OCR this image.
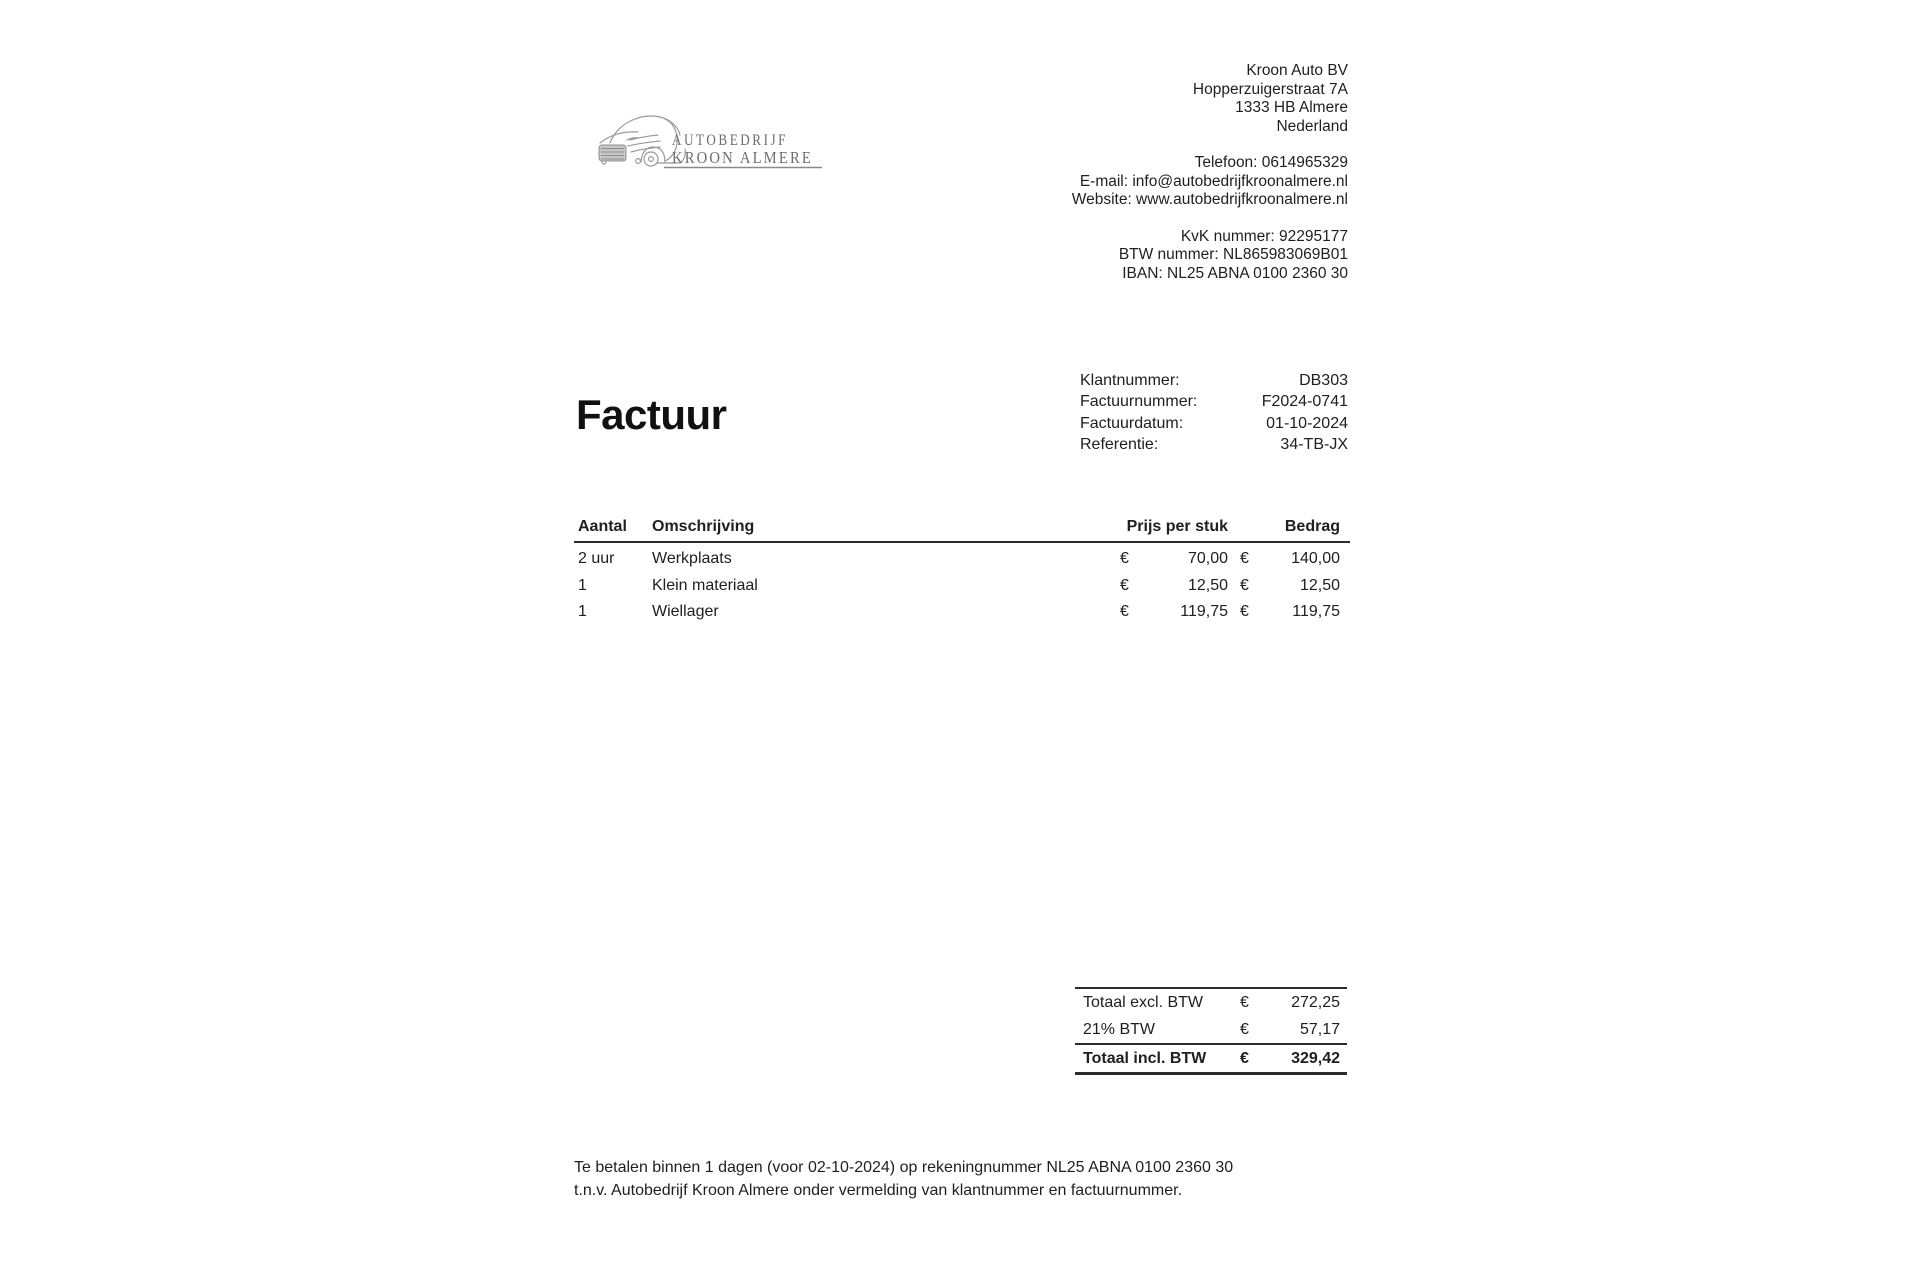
AUTOBEDRIJF
KROON ALMERE
Kroon Auto BV
Hopperzuigerstraat 7A
1333 HB Almere
Nederland
Telefoon: 0614965329
E-mail: info@autobedrijfkroonalmere.nl
Website: www.autobedrijfkroonalmere.nl
KvK nummer: 92295177
BTW nummer: NL865983069B01
IBAN: NL25 ABNA 0100 2360 30
Factuur
Klantnummer:	DB303
Factuurnummer:	F2024-0741
Factuurdatum:	01-10-2024
Referentie:	34-TB-JX
Aantal	Omschrijving	Prijs per stuk	Bedrag
2 uur	Werkplaats	€	70,00 €	140,00
1	Klein materiaal	€	12,50 €	12,50
1	Wiellager	€	119,75 €	119,75
Totaal excl. BTW	€	272,25
21% BTW	€	57,17
Totaal incl. BTW	€	329,42
Te betalen binnen 1 dagen (voor 02-10-2024) op rekeningnummer NL25 ABNA 0100 2360 30
t.n.v. Autobedrijf Kroon Almere onder vermelding van klantnummer en factuurnummer.
